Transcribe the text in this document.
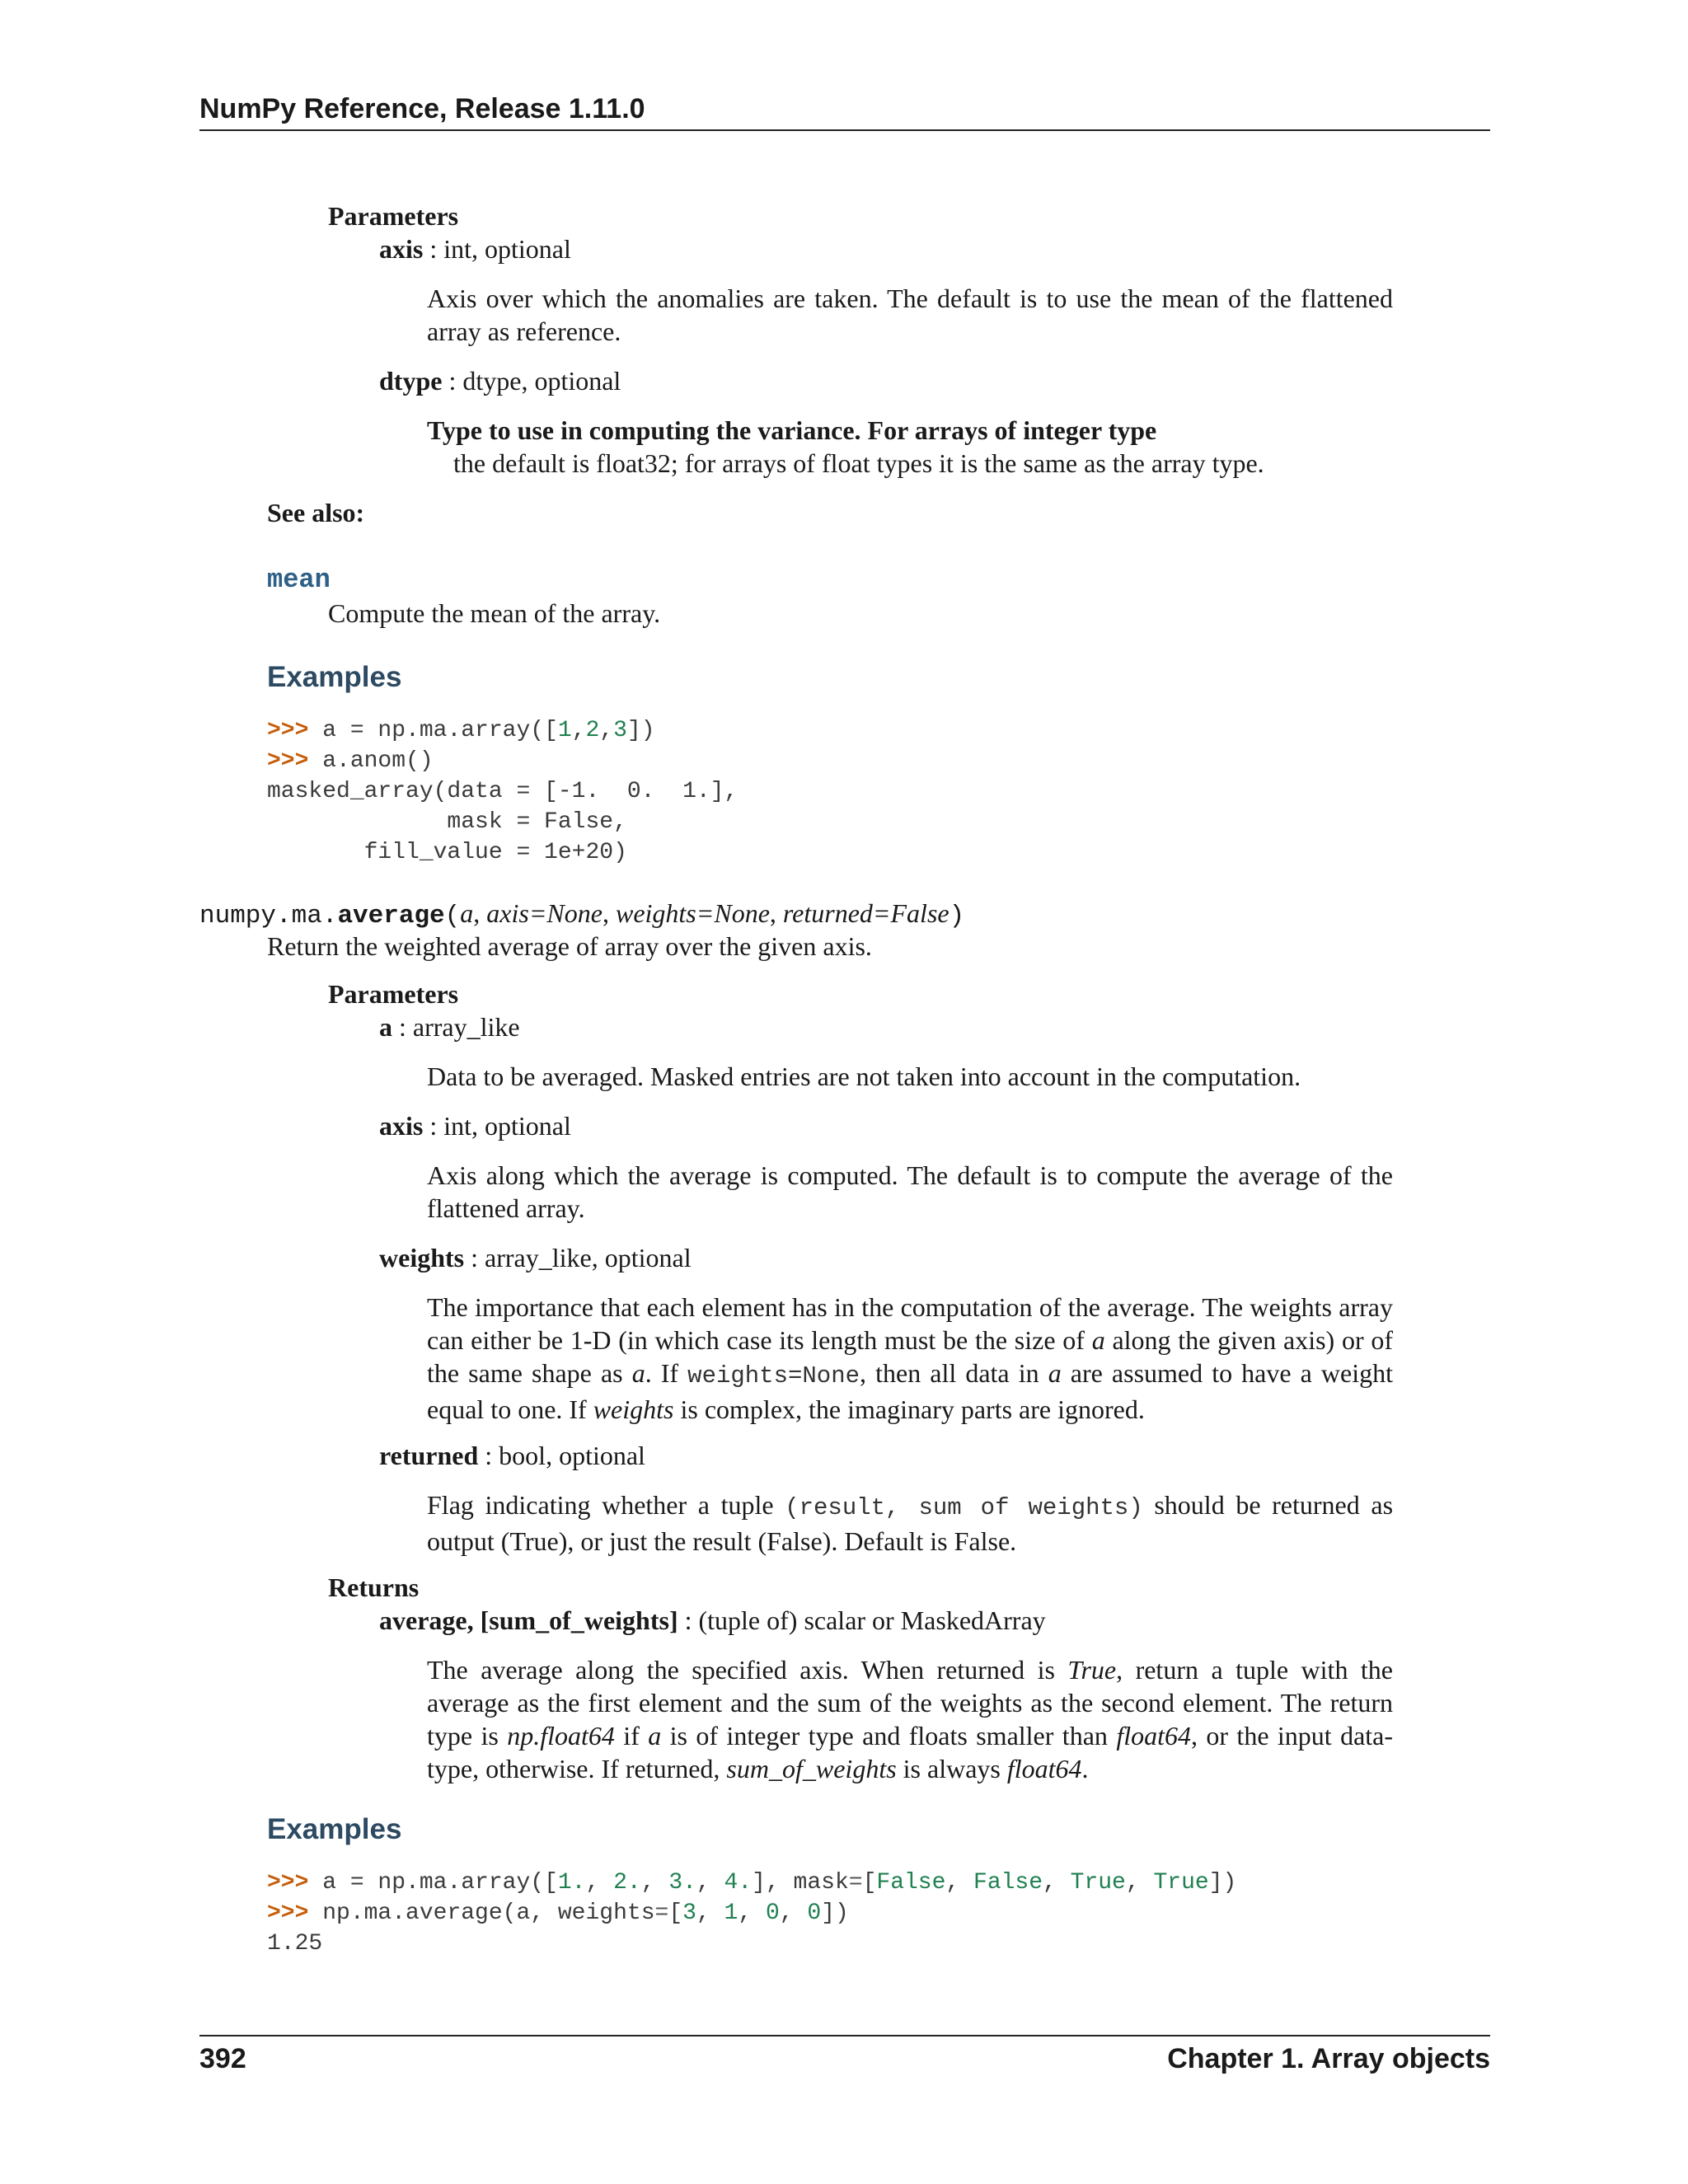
NumPy Reference, Release 1.11.0
Parameters
axis : int, optional
Axis over which the anomalies are taken. The default is to use the mean of the flattened array as reference.
dtype : dtype, optional
Type to use in computing the variance. For arrays of integer type
the default is float32; for arrays of float types it is the same as the array type.
See also:
mean
Compute the mean of the array.
Examples
>>> a = np.ma.array([1,2,3])
>>> a.anom()
masked_array(data = [-1.  0.  1.],
mask = False,
fill_value = 1e+20)
numpy.ma.average(a, axis=None, weights=None, returned=False)
Return the weighted average of array over the given axis.
Parameters
a : array_like
Data to be averaged. Masked entries are not taken into account in the computation.
axis : int, optional
Axis along which the average is computed. The default is to compute the average of the flattened array.
weights : array_like, optional
The importance that each element has in the computation of the average. The weights array can either be 1-D (in which case its length must be the size of a along the given axis) or of the same shape as a. If weights=None, then all data in a are assumed to have a weight equal to one. If weights is complex, the imaginary parts are ignored.
returned : bool, optional
Flag indicating whether a tuple (result, sum of weights) should be returned as output (True), or just the result (False). Default is False.
Returns
average, [sum_of_weights] : (tuple of) scalar or MaskedArray
The average along the specified axis. When returned is True, return a tuple with the average as the first element and the sum of the weights as the second element. The return type is np.float64 if a is of integer type and floats smaller than float64, or the input data-type, otherwise. If returned, sum_of_weights is always float64.
Examples
>>> a = np.ma.array([1., 2., 3., 4.], mask=[False, False, True, True])
>>> np.ma.average(a, weights=[3, 1, 0, 0])
1.25
392	Chapter 1. Array objects
